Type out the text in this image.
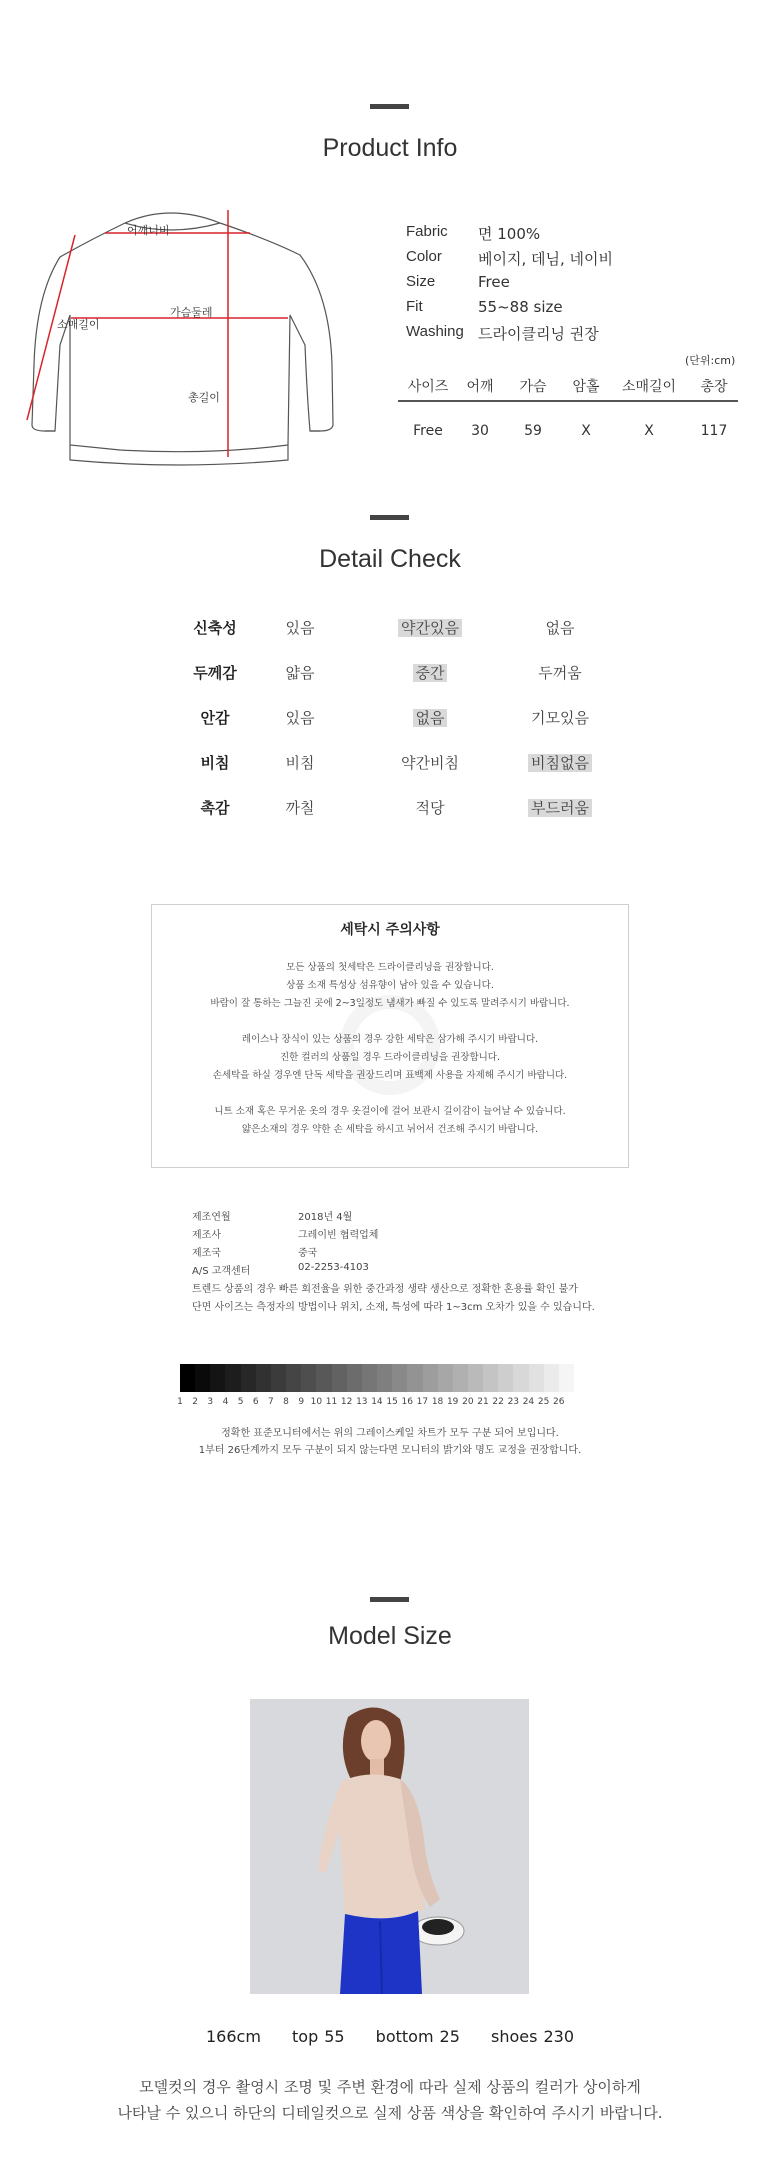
Product Info
어깨너비
가슴둘레
소매길이
총길이
Fabric 면 100%
Color 베이지, 데님, 네이비
Size	Free
Fit	55~88 size
Washing 드라이클리닝 권장
(단위:cm)
사이즈	어깨	가슴	암홀	소매길이	총장
Free	30	59	X	X	117
Detail Check
신축성	있음	약간있음	없음
두께감	얇음	중간	두꺼움
안감	있음	없음	기모있음
비침	비침	약간비침	비침없음
촉감	까칠	적당	부드러움
세탁시 주의사항
모든 상품의 첫세탁은 드라이클리닝을 권장합니다.
상품 소재 특성상 섬유향이 남아 있을 수 있습니다.
바람이 잘 통하는 그늘진 곳에 2~3일정도 냄새가 빠질 수 있도록 말려주시기 바랍니다.
레이스나 장식이 있는 상품의 경우 강한 세탁은 삼가해 주시기 바랍니다.
진한 컬러의 상품일 경우 드라이클리닝을 권장합니다.
손세탁을 하실 경우엔 단독 세탁을 권장드리며 표백제 사용을 자제해 주시기 바랍니다.
니트 소재 혹은 무거운 옷의 경우 옷걸이에 걸어 보관시 길이감이 늘어날 수 있습니다.
얇은소재의 경우 약한 손 세탁을 하시고 뉘어서 건조해 주시기 바랍니다.
제조연월	2018년 4월
제조사	그레이빈 협력업체
제조국	중국
A/S 고객센터	02-2253-4103
트렌드 상품의 경우 빠른 회전율을 위한 중간과정 생략 생산으로 정확한 혼용률 확인 불가
단면 사이즈는 측정자의 방법이나 위치, 소재, 특성에 따라 1~3cm 오차가 있을 수 있습니다.
1	2	3	4	5	6	7	8	9 10 11 12 13 14 15 16 17 18 19 20 21 22 23 24 25 26
정확한 표준모니터에서는 위의 그레이스케일 차트가 모두 구분 되어 보입니다.
1부터 26단계까지 모두 구분이 되지 않는다면 모니터의 밝기와 명도 교정을 권장합니다.
Model Size
166cm top 55 bottom 25 shoes 230
모델컷의 경우 촬영시 조명 및 주변 환경에 따라 실제 상품의 컬러가 상이하게
나타날 수 있으니 하단의 디테일컷으로 실제 상품 색상을 확인하여 주시기 바랍니다.
